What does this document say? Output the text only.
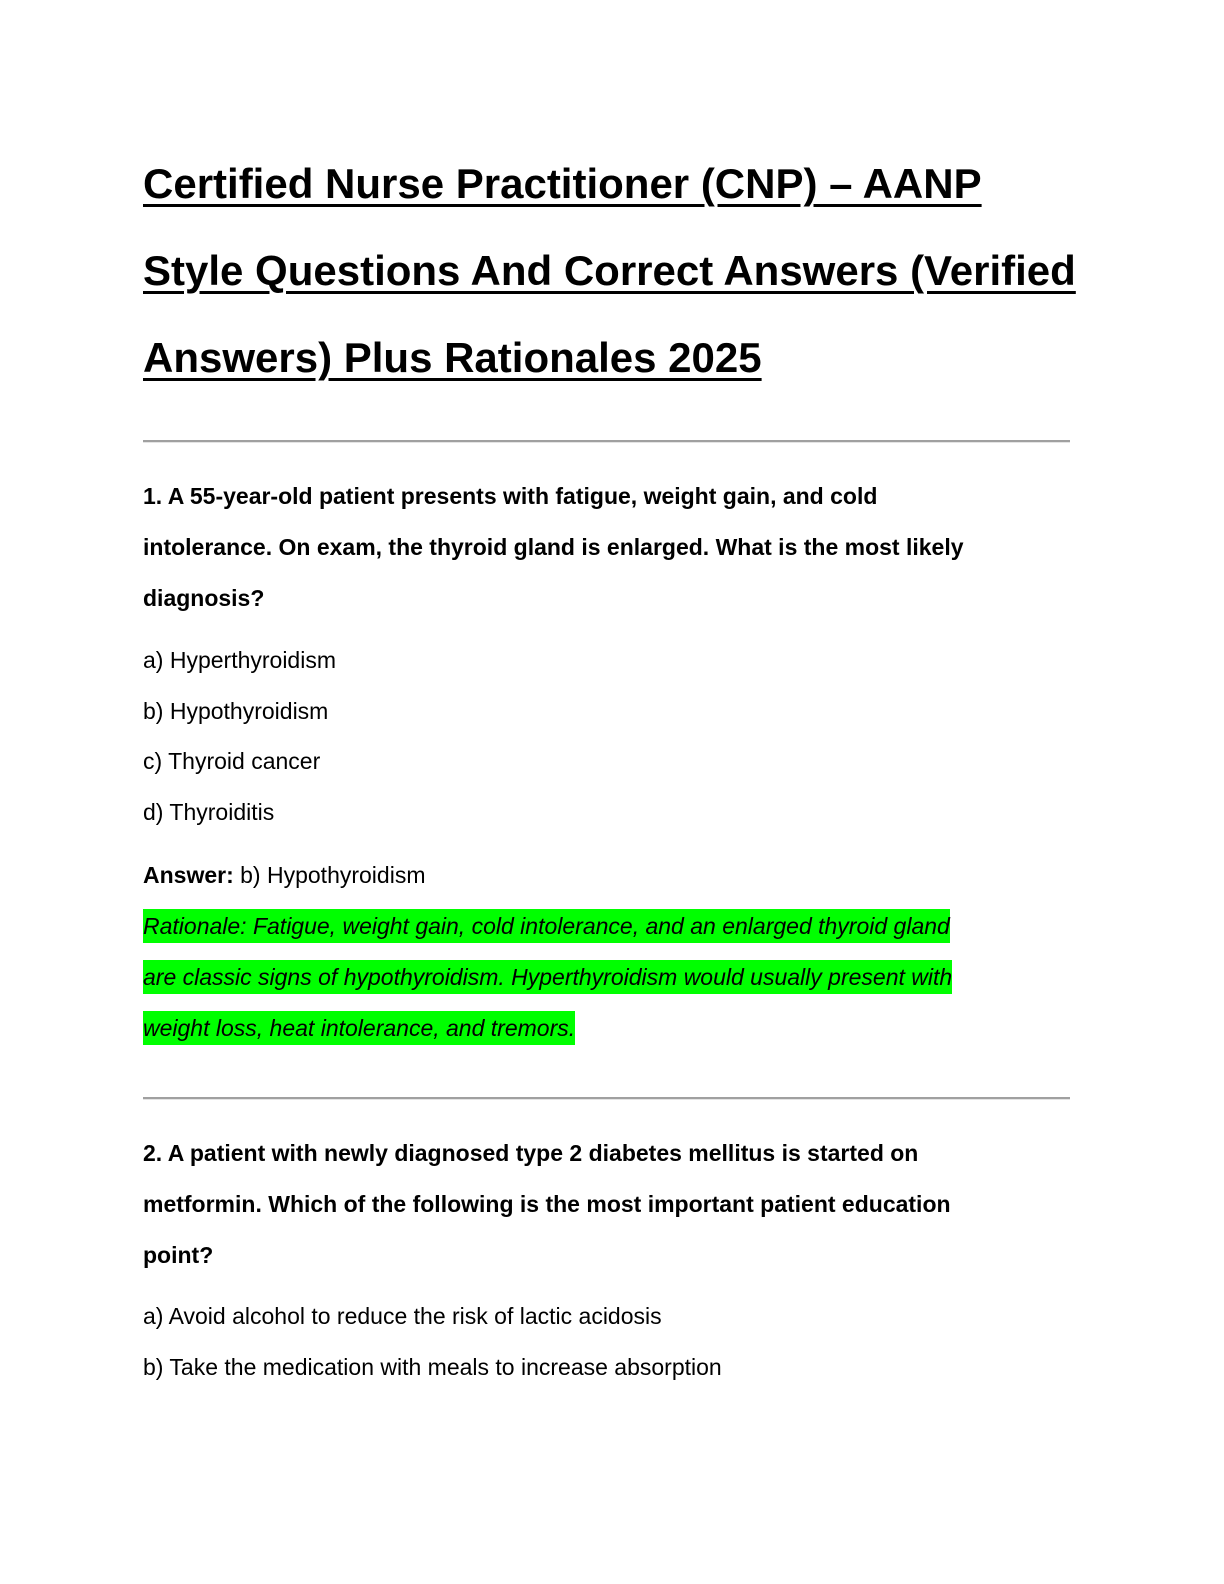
Certified Nurse Practitioner (CNP) – AANP
Style Questions And Correct Answers (Verified
Answers) Plus Rationales 2025
1. A 55-year-old patient presents with fatigue, weight gain, and cold
intolerance. On exam, the thyroid gland is enlarged. What is the most likely
diagnosis?

a) Hyperthyroidism

b) Hypothyroidism

c) Thyroid cancer

d) Thyroiditis

Answer: b) Hypothyroidism

Rationale: Fatigue, weight gain, cold intolerance, and an enlarged thyroid gland
are classic signs of hypothyroidism. Hyperthyroidism would usually present with
weight loss, heat intolerance, and tremors.
2. A patient with newly diagnosed type 2 diabetes mellitus is started on
metformin. Which of the following is the most important patient education
point?

a) Avoid alcohol to reduce the risk of lactic acidosis

b) Take the medication with meals to increase absorption
